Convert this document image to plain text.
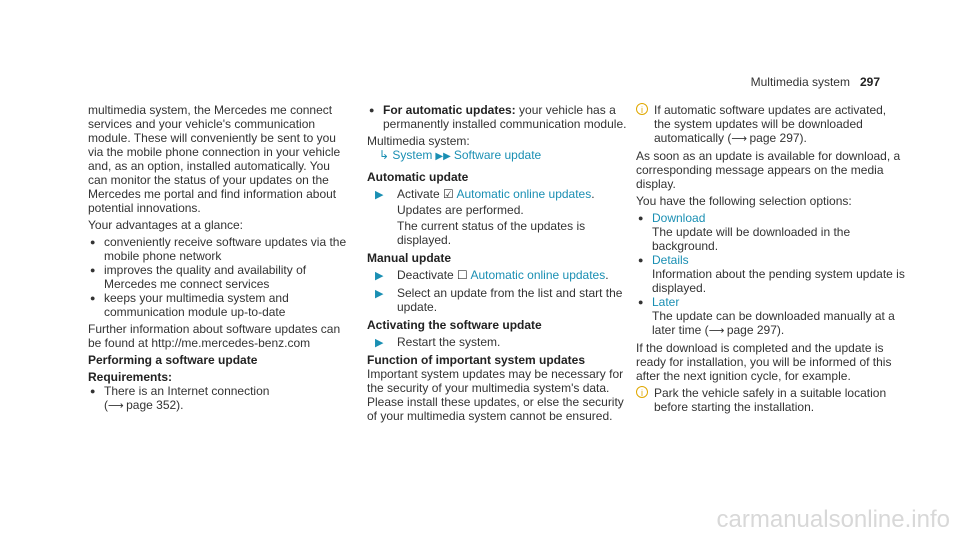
Multimedia system 297

multimedia system, the Mercedes me connect services and your vehicle's communication module. These will conveniently be sent to you via the mobile phone connection in your vehicle and, as an option, installed automatically. You can monitor the status of your updates on the Mercedes me portal and find information about potential innovations.

Your advantages at a glance:

● conveniently receive software updates via the mobile phone network
● improves the quality and availability of Mercedes me connect services
● keeps your multimedia system and communication module up-to-date

Further information about software updates can be found at http://me.mercedes-benz.com

Performing a software update

Requirements:

● There is an Internet connection
(⟶ page 352).
● For automatic updates: your vehicle has a permanently installed communication module.

Multimedia system:

↳ System ▶▶ Software update

Automatic update

▶ Activate ☑ Automatic online updates.
Updates are performed.
The current status of the updates is displayed.

Manual update

▶ Deactivate ☐ Automatic online updates.
▶ Select an update from the list and start the update.

Activating the software update

▶ Restart the system.

Function of important system updates

Important system updates may be necessary for the security of your multimedia system's data. Please install these updates, or else the security of your multimedia system cannot be ensured.

i If automatic software updates are activated, the system updates will be downloaded automatically (⟶ page 297).

As soon as an update is available for download, a corresponding message appears on the media display.

You have the following selection options:

● Download
The update will be downloaded in the background.
● Details
Information about the pending system update is displayed.
● Later
The update can be downloaded manually at a later time (⟶ page 297).

If the download is completed and the update is ready for installation, you will be informed of this after the next ignition cycle, for example.

i Park the vehicle safely in a suitable location before starting the installation.
carmanualsonline.info
